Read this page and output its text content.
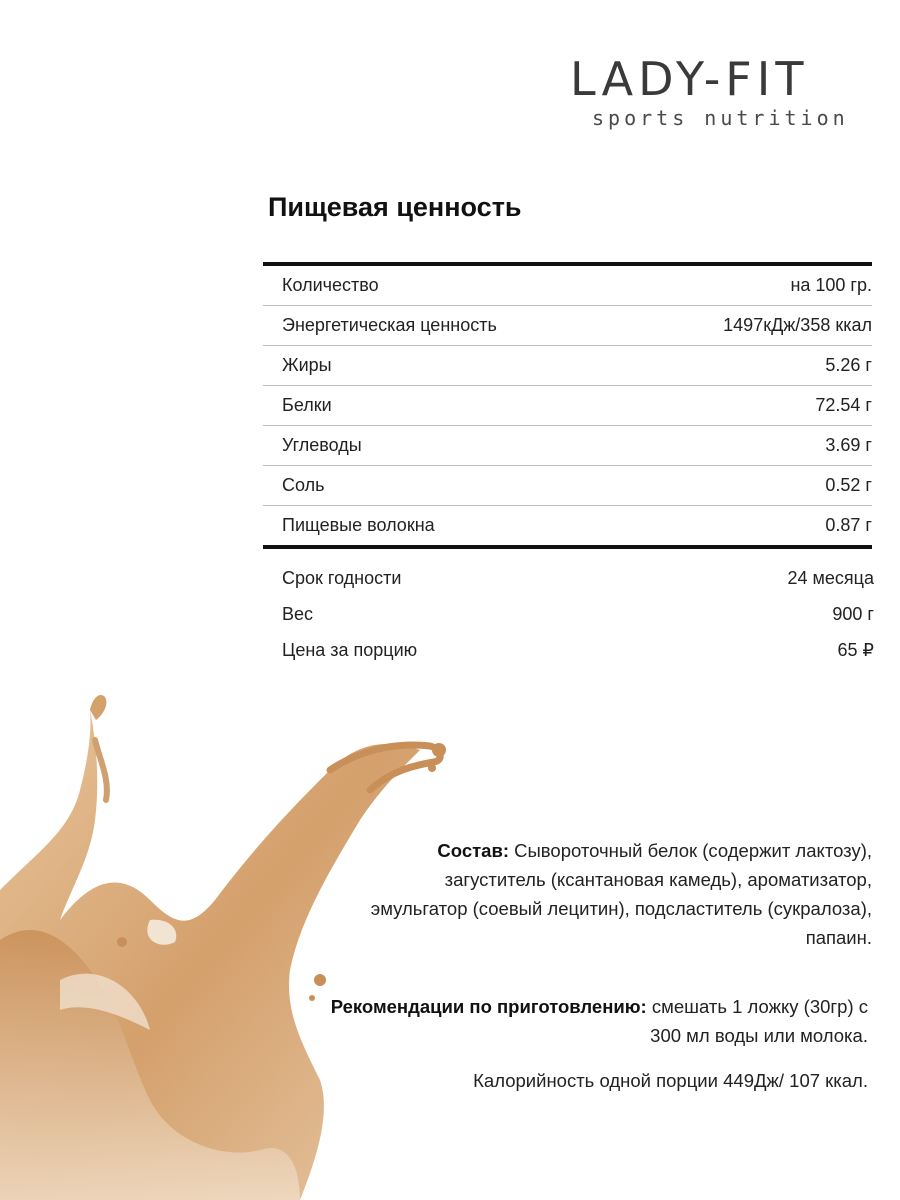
LADY-FIT
sports nutrition
Пищевая ценность
Количество	на 100 гр.
Энергетическая ценность	1497кДж/358 ккал
Жиры	5.26 г
Белки	72.54 г
Углеводы	3.69 г
Соль	0.52 г
Пищевые волокна	0.87 г
Срок годности	24 месяца
Вес	900 г
Цена за порцию	65 ₽
Состав: Сывороточный белок (содержит лактозу), загуститель (ксантановая камедь), ароматизатор, эмульгатор (соевый лецитин), подсластитель (сукралоза), папаин.
Рекомендации по приготовлению: смешать 1 ложку (30гр) с 300 мл воды или молока.
Калорийность одной порции 449Дж/ 107 ккал.
